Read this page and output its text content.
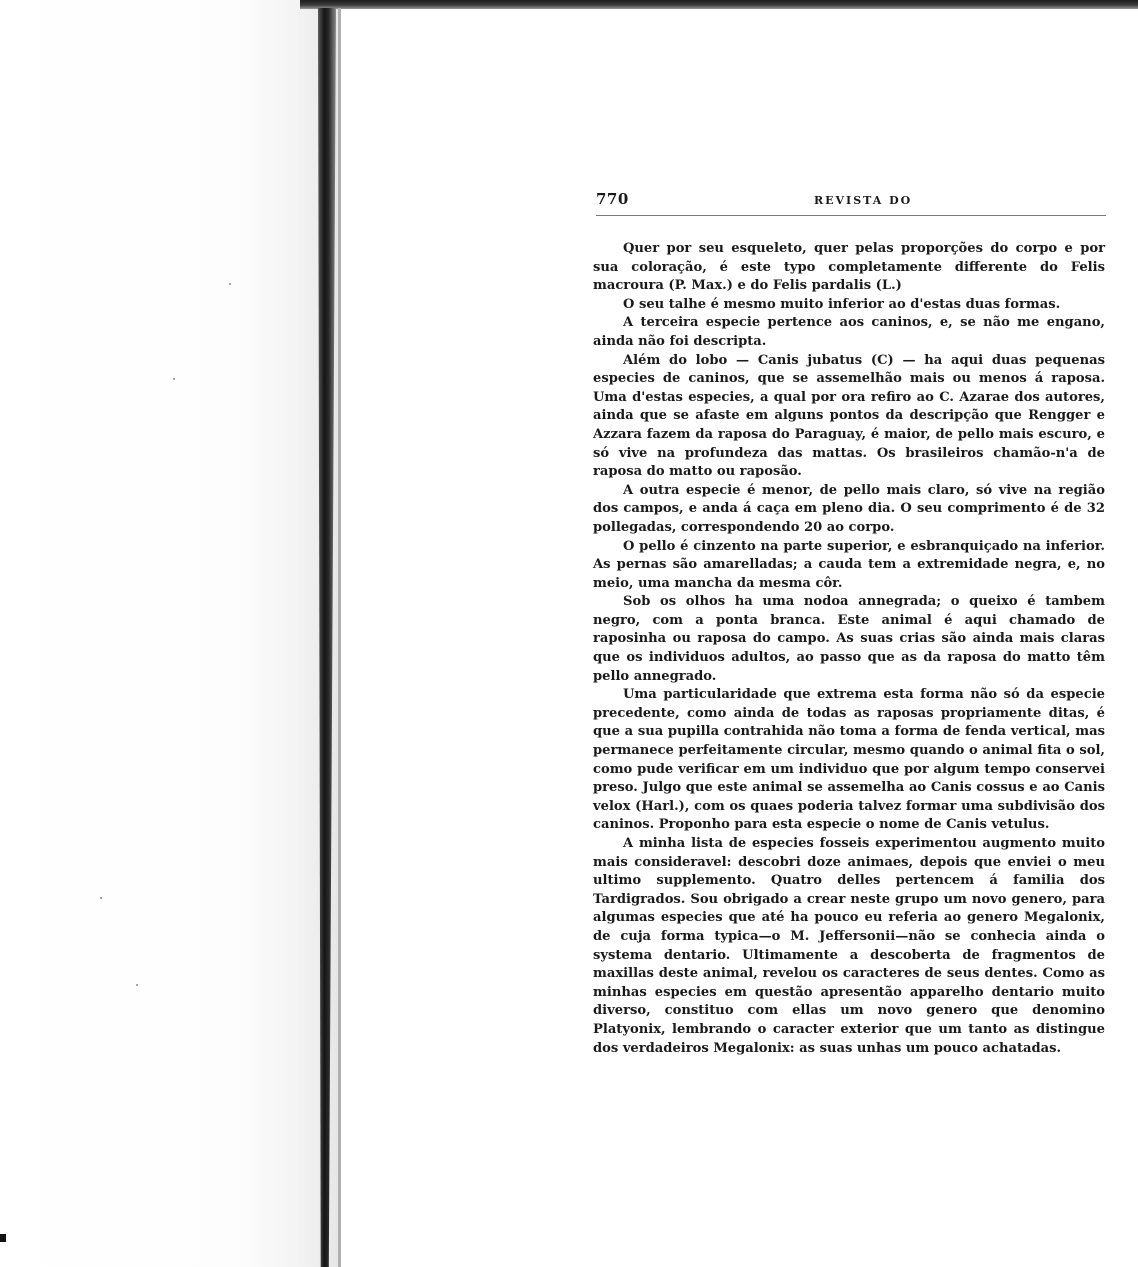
770	REVISTA DO

Quer por seu esqueleto, quer pelas proporções do corpo e por sua coloração, é este typo completamente differente do Felis macroura (P. Max.) e do Felis pardalis (L.)

O seu talhe é mesmo muito inferior ao d'estas duas formas.

A terceira especie pertence aos caninos, e, se não me engano, ainda não foi descripta.

Além do lobo — Canis jubatus (C) — ha aqui duas pequenas especies de caninos, que se assemelhão mais ou menos á raposa. Uma d'estas especies, a qual por ora refiro ao C. Azarae dos autores, ainda que se afaste em alguns pontos da descripção que Rengger e Azzara fazem da raposa do Paraguay, é maior, de pello mais escuro, e só vive na profundeza das mattas. Os brasileiros chamão-n'a de raposa do matto ou raposão.

A outra especie é menor, de pello mais claro, só vive na região dos campos, e anda á caça em pleno dia. O seu comprimento é de 32 pollegadas, correspondendo 20 ao corpo.

O pello é cinzento na parte superior, e esbranquiçado na inferior. As pernas são amarelladas; a cauda tem a extremidade negra, e, no meio, uma mancha da mesma côr.

Sob os olhos ha uma nodoa annegrada; o queixo é tambem negro, com a ponta branca. Este animal é aqui chamado de raposinha ou raposa do campo. As suas crias são ainda mais claras que os individuos adultos, ao passo que as da raposa do matto têm pello annegrado.

Uma particularidade que extrema esta forma não só da especie precedente, como ainda de todas as raposas propriamente ditas, é que a sua pupilla contrahida não toma a forma de fenda vertical, mas permanece perfeitamente circular, mesmo quando o animal fita o sol, como pude verificar em um individuo que por algum tempo conservei preso. Julgo que este animal se assemelha ao Canis cossus e ao Canis velox (Harl.), com os quaes poderia talvez formar uma subdivisão dos caninos. Proponho para esta especie o nome de Canis vetulus.

A minha lista de especies fosseis experimentou augmento muito mais consideravel: descobri doze animaes, depois que enviei o meu ultimo supplemento. Quatro delles pertencem á familia dos Tardigrados. Sou obrigado a crear neste grupo um novo genero, para algumas especies que até ha pouco eu referia ao genero Megalonix, de cuja forma typica—o M. Jeffersonii—não se conhecia ainda o systema dentario. Ultimamente a descoberta de fragmentos de maxillas deste animal, revelou os caracteres de seus dentes. Como as minhas especies em questão apresentão apparelho dentario muito diverso, constituo com ellas um novo genero que denomino Platyonix, lembrando o caracter exterior que um tanto as distingue dos verdadeiros Megalonix: as suas unhas um pouco achatadas.
